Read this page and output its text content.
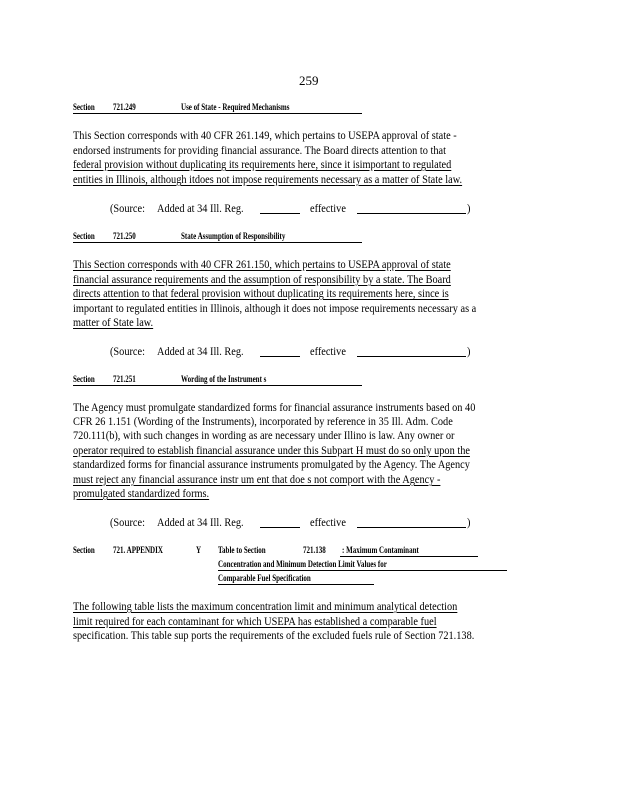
259
Section 721.249	Use of State - Required Mechanisms
This Section corresponds with 40 CFR 261.149, which pertains to USEPA approval of state -
endorsed instruments for providing financial assurance. The Board directs attention to that
federal provision without duplicating its requirements here, since it isimportant to regulated
entities in Illinois, although itdoes not impose requirements necessary as a matter of State law.
(Source: Added at 34 Ill. Reg.	effective	)
Section 721.250	State Assumption of Responsibility
This Section corresponds with 40 CFR 261.150, which pertains to USEPA approval of state
financial assurance requirements and the assumption of responsibility by a state. The Board
directs attention to that federal provision without duplicating its requirements here, since is
important to regulated entities in Illinois, although it does not impose requirements necessary as a
matter of State law.
(Source: Added at 34 Ill. Reg.	effective	)
Section 721.251	Wording of the Instrument s
The Agency must promulgate standardized forms for financial assurance instruments based on 40
CFR 26 1.151 (Wording of the Instruments), incorporated by reference in 35 Ill. Adm. Code
720.111(b), with such changes in wording as are necessary under Illino is law. Any owner or
operator required to establish financial assurance under this Subpart H must do so only upon the
standardized forms for financial assurance instruments promulgated by the Agency. The Agency
must reject any financial assurance instr um ent that doe s not comport with the Agency -
promulgated standardized forms.
(Source: Added at 34 Ill. Reg.	effective	)
Section 721. APPENDIX	Y Table to Section	721.138 : Maximum Contaminant
Concentration and Minimum Detection Limit Values for
Comparable Fuel Specification
The following table lists the maximum concentration limit and minimum analytical detection
limit required for each contaminant for which USEPA has established a comparable fuel
specification. This table sup ports the requirements of the excluded fuels rule of Section 721.138.
